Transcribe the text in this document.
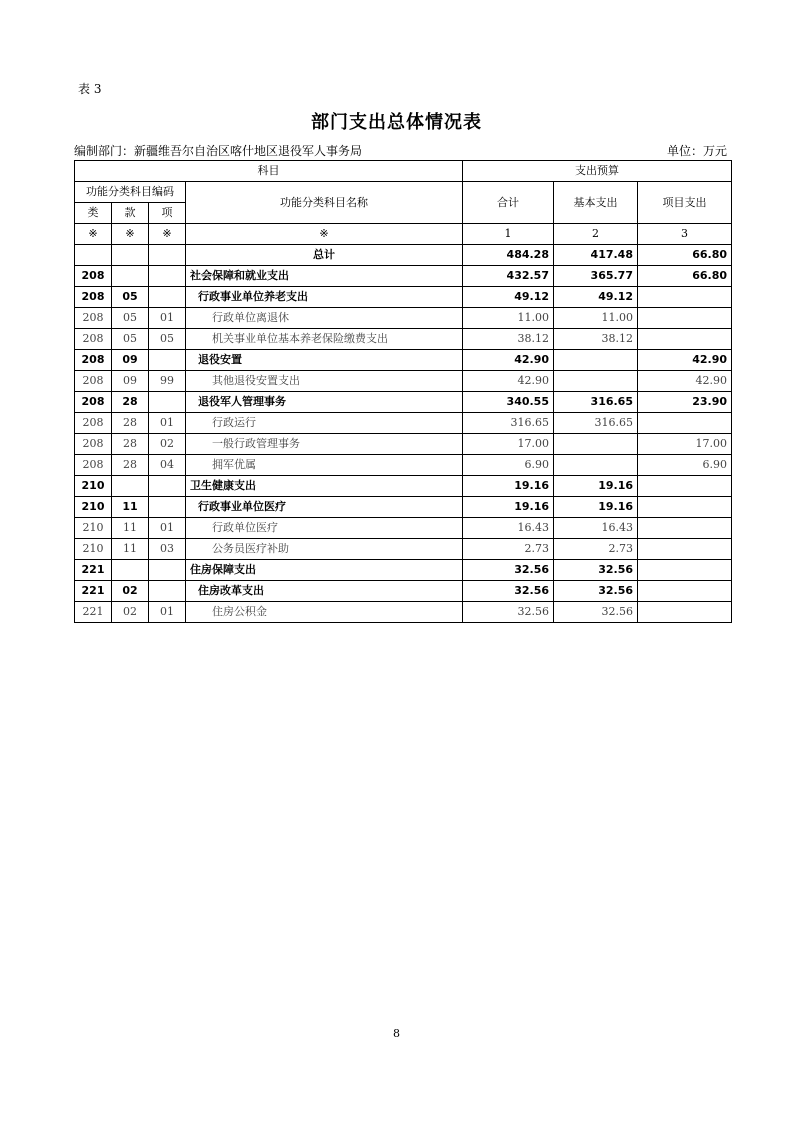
表 3
部门支出总体情况表
编制部门：新疆维吾尔自治区喀什地区退役军人事务局	单位：万元
科目				支出预算		
功能分类科目编码			功能分类科目名称	合计	基本支出	项目支出
类	款	项				
※	※	※	※	1	2	3
			总计	484.28	417.48	66.80
208			社会保障和就业支出	432.57	365.77	66.80
208	05		行政事业单位养老支出	49.12	49.12	
208	05	01	行政单位离退休	11.00	11.00	
208	05	05	机关事业单位基本养老保险缴费支出	38.12	38.12	
208	09		退役安置	42.90		42.90
208	09	99	其他退役安置支出	42.90		42.90
208	28		退役军人管理事务	340.55	316.65	23.90
208	28	01	行政运行	316.65	316.65	
208	28	02	一般行政管理事务	17.00		17.00
208	28	04	拥军优属	6.90		6.90
210			卫生健康支出	19.16	19.16	
210	11		行政事业单位医疗	19.16	19.16	
210	11	01	行政单位医疗	16.43	16.43	
210	11	03	公务员医疗补助	2.73	2.73	
221			住房保障支出	32.56	32.56	
221	02		住房改革支出	32.56	32.56	
221	02	01	住房公积金	32.56	32.56	
8
